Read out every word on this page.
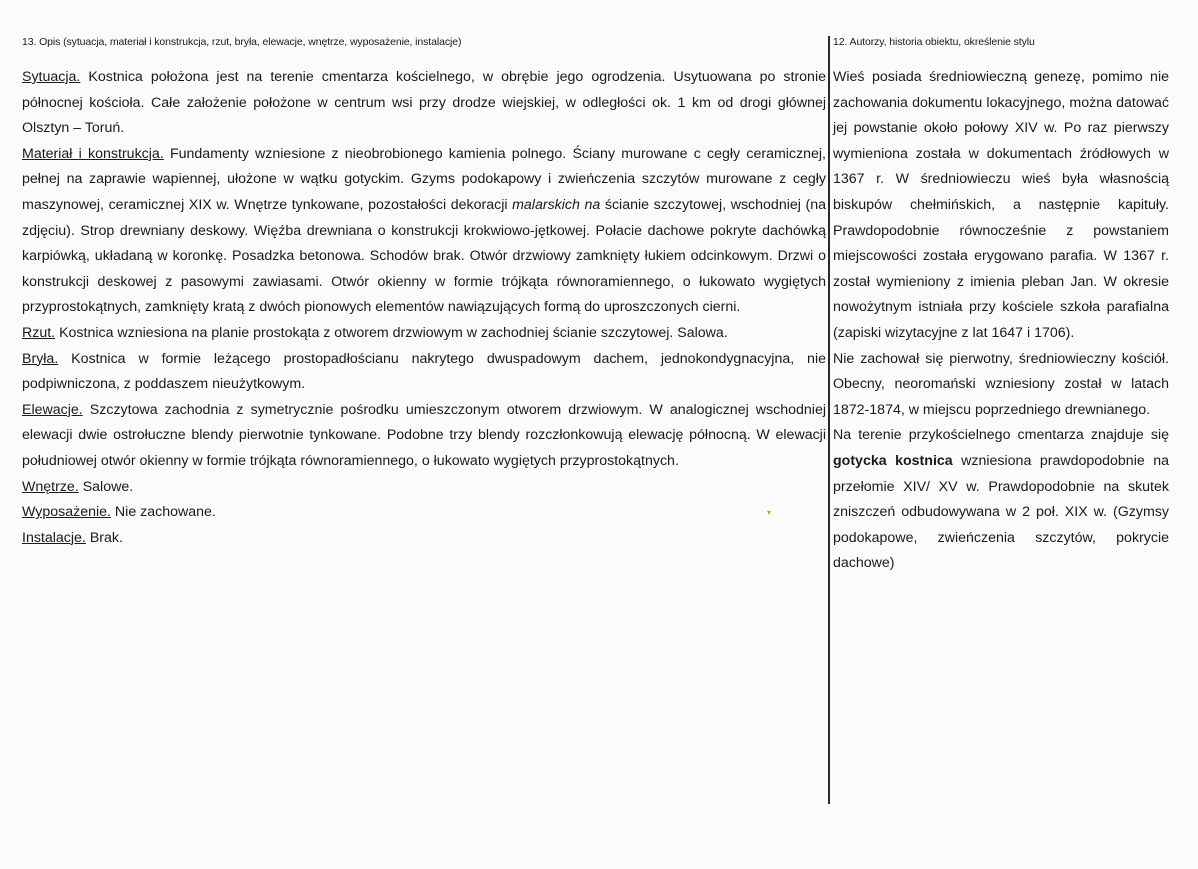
13. Opis (sytuacja, materiał i konstrukcja, rzut, bryła, elewacje, wnętrze, wyposażenie, instalacje)
Sytuacja. Kostnica położona jest na terenie cmentarza kościelnego, w obrębie jego ogrodzenia. Usytuowana po stronie północnej kościoła. Całe założenie położone w centrum wsi przy drodze wiejskiej, w odległości ok. 1 km od drogi głównej Olsztyn – Toruń.
Materiał i konstrukcja. Fundamenty wzniesione z nieobrobionego kamienia polnego. Ściany murowane c cegły ceramicznej, pełnej na zaprawie wapiennej, ułożone w wątku gotyckim. Gzyms podokapowy i zwieńczenia szczytów murowane z cegły maszynowej, ceramicznej XIX w. Wnętrze tynkowane, pozostałości dekoracji malarskich na ścianie szczytowej, wschodniej (na zdjęciu). Strop drewniany deskowy. Więźba drewniana o konstrukcji krokwiowo-jętkowej. Połacie dachowe pokryte dachówką karpiówką, układaną w koronkę. Posadzka betonowa. Schodów brak. Otwór drzwiowy zamknięty łukiem odcinkowym. Drzwi o konstrukcji deskowej z pasowymi zawiasami. Otwór okienny w formie trójkąta równoramiennego, o łukowato wygiętych przyprostokątnych, zamknięty kratą z dwóch pionowych elementów nawiązujących formą do uproszczonych cierni.
Rzut. Kostnica wzniesiona na planie prostokąta z otworem drzwiowym w zachodniej ścianie szczytowej. Salowa.
Bryła. Kostnica w formie leżącego prostopadłościanu nakrytego dwuspadowym dachem, jednokondygnacyjna, nie podpiwniczona, z poddaszem nieużytkowym.
Elewacje. Szczytowa zachodnia z symetrycznie pośrodku umieszczonym otworem drzwiowym. W analogicznej wschodniej elewacji dwie ostrołuczne blendy pierwotnie tynkowane. Podobne trzy blendy rozczłonkowują elewację północną. W elewacji południowej otwór okienny w formie trójkąta równoramiennego, o łukowato wygiętych przyprostokątnych.
Wnętrze. Salowe.
Wyposażenie. Nie zachowane.
Instalacje. Brak.
12. Autorzy, historia obiektu, określenie stylu
Wieś posiada średniowieczną genezę, pomimo nie zachowania dokumentu lokacyjnego, można datować jej powstanie około połowy XIV w. Po raz pierwszy wymieniona została w dokumentach źródłowych w 1367 r. W średniowieczu wieś była własnością biskupów chełmińskich, a następnie kapituły. Prawdopodobnie równocześnie z powstaniem miejscowości została erygowano parafia. W 1367 r. został wymieniony z imienia pleban Jan. W okresie nowożytnym istniała przy kościele szkoła parafialna (zapiski wizytacyjne z lat 1647 i 1706).
Nie zachował się pierwotny, średniowieczny kościół. Obecny, neoromański wzniesiony został w latach 1872-1874, w miejscu poprzedniego drewnianego.
Na terenie przykościelnego cmentarza znajduje się gotycka kostnica wzniesiona prawdopodobnie na przełomie XIV/ XV w. Prawdopodobnie na skutek zniszczeń odbudowywana w 2 poł. XIX w. (Gzymsy podokapowe, zwieńczenia szczytów, pokrycie dachowe)
▾
